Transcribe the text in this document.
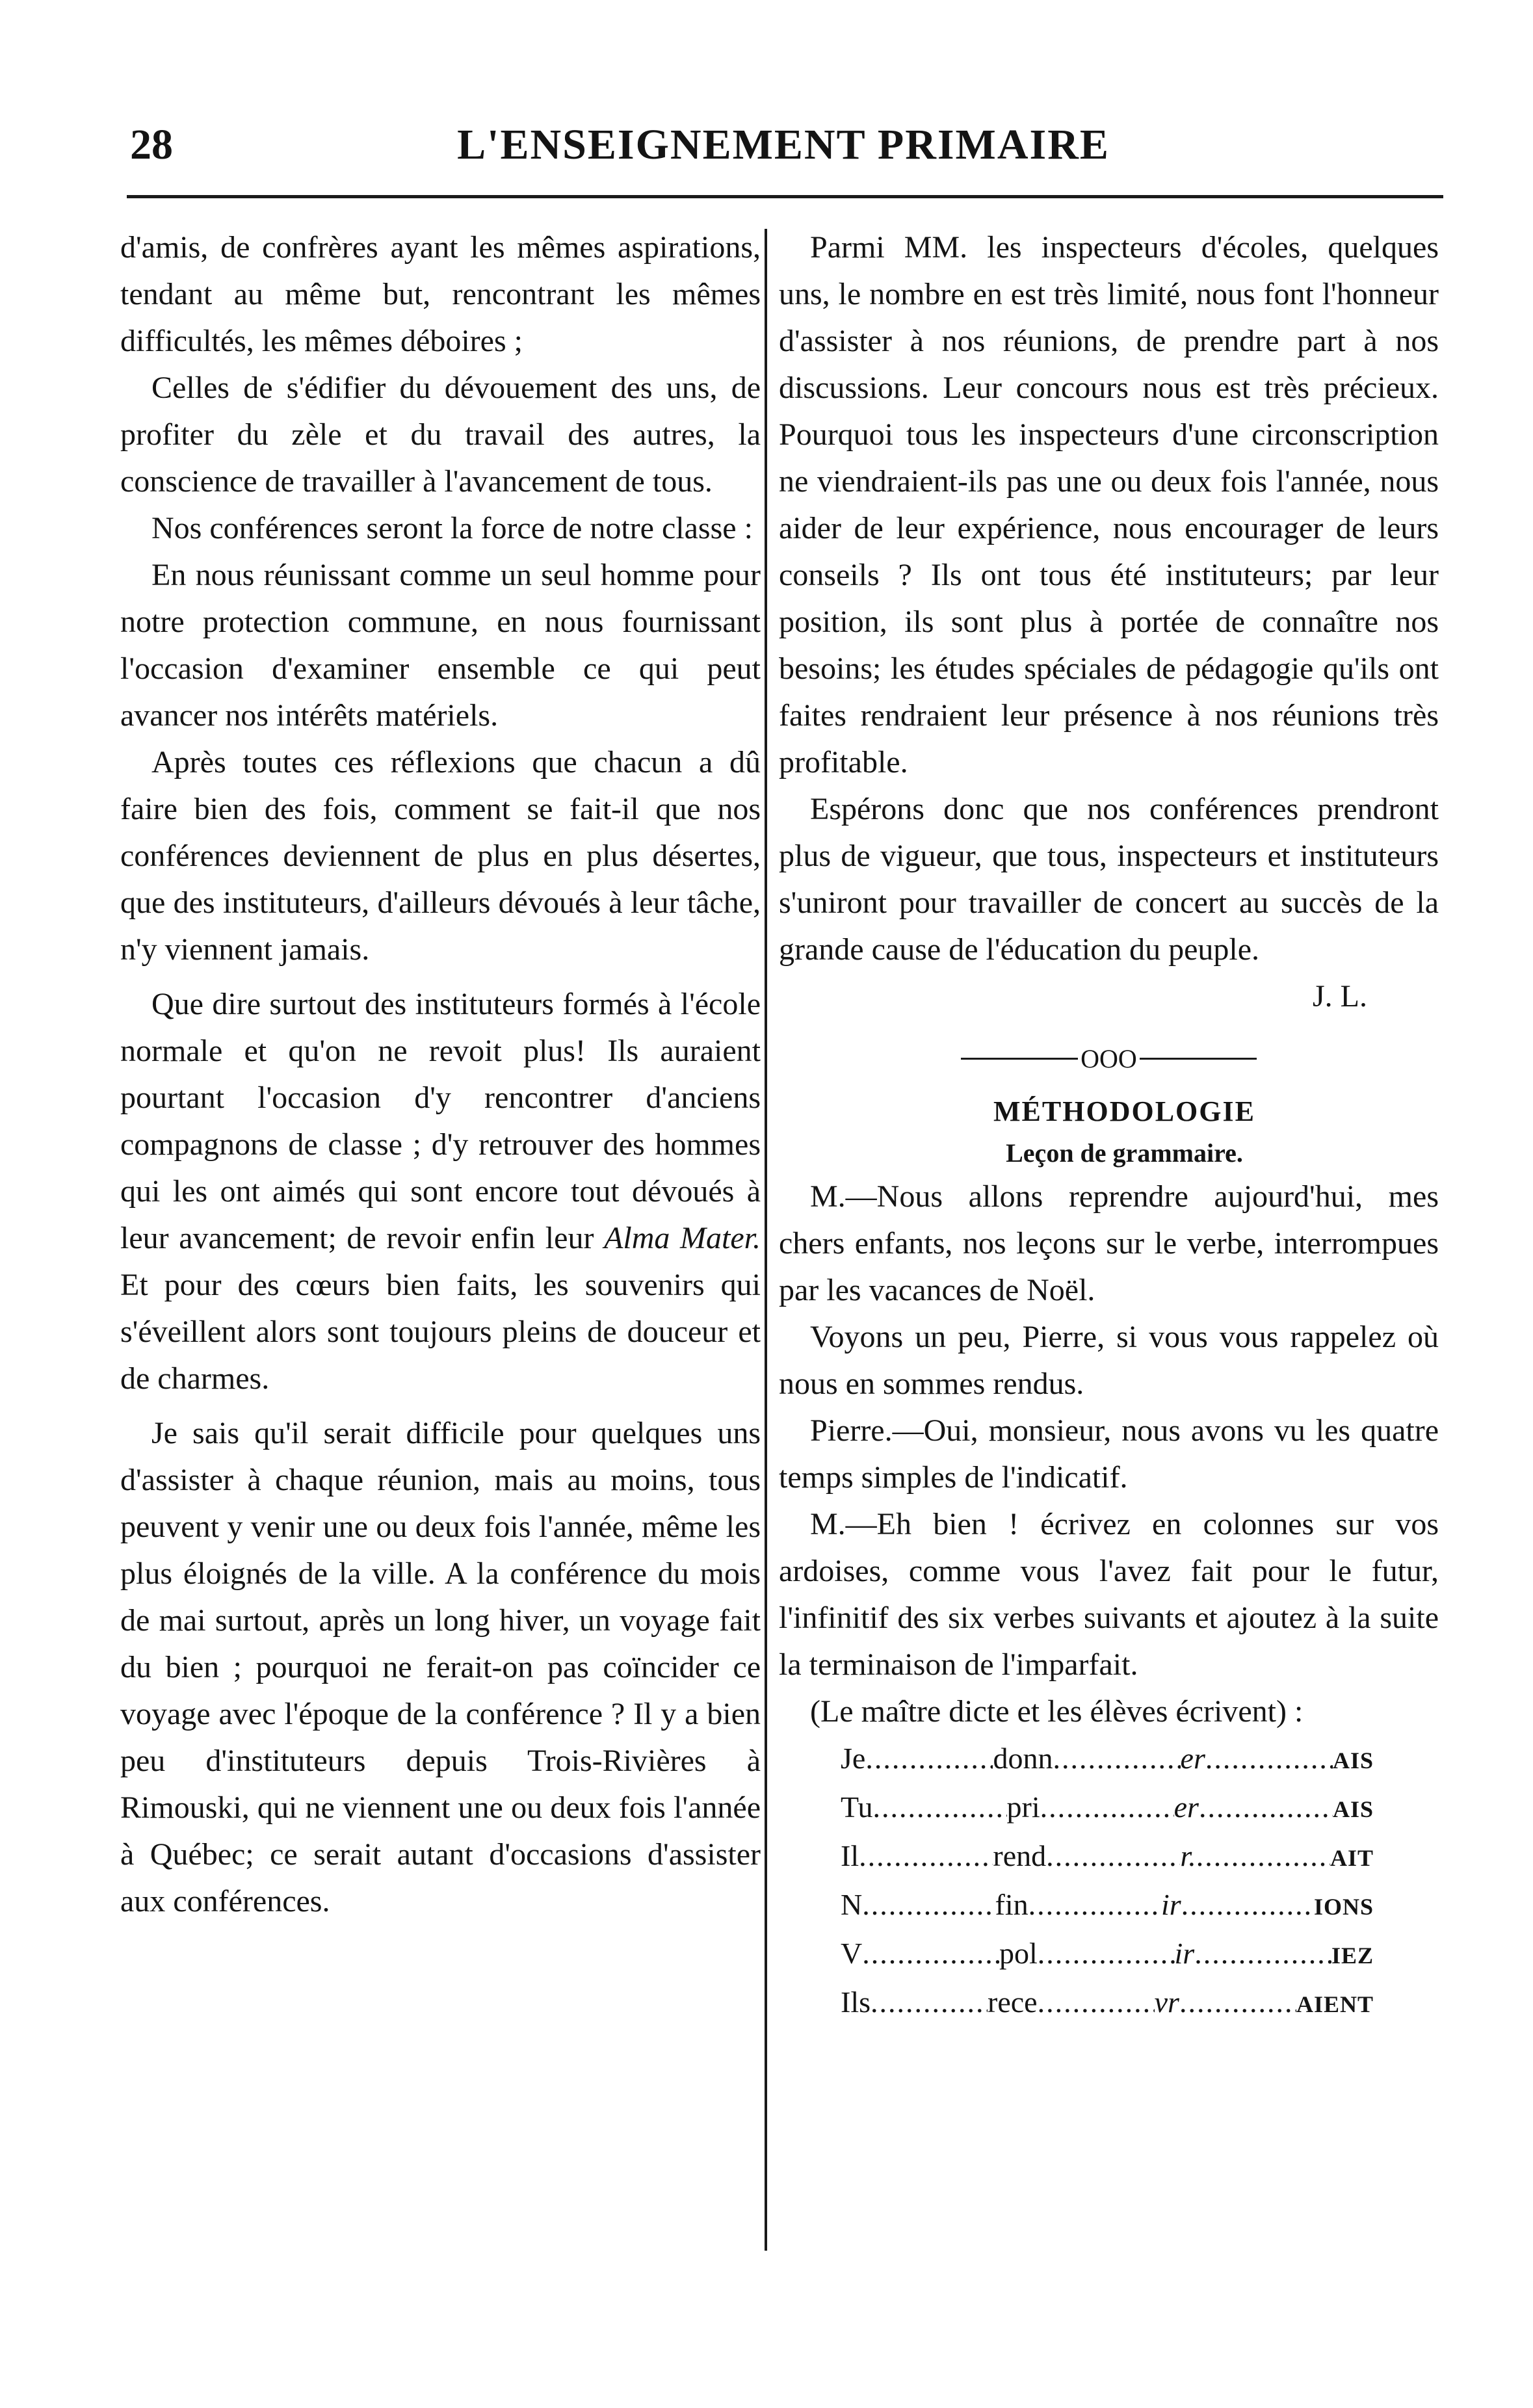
28	L'ENSEIGNEMENT PRIMAIRE

d'amis, de confrères ayant les mêmes aspirations, tendant au même but, rencontrant les mêmes difficultés, les mêmes déboires ;

Celles de s'édifier du dévouement des uns, de profiter du zèle et du travail des autres, la conscience de travailler à l'avancement de tous.

Nos conférences seront la force de notre classe :

En nous réunissant comme un seul homme pour notre protection commune, en nous fournissant l'occasion d'examiner ensemble ce qui peut avancer nos intérêts matériels.

Après toutes ces réflexions que chacun a dû faire bien des fois, comment se fait-il que nos conférences deviennent de plus en plus désertes, que des instituteurs, d'ailleurs dévoués à leur tâche, n'y viennent jamais.

Que dire surtout des instituteurs formés à l'école normale et qu'on ne revoit plus! Ils auraient pourtant l'occasion d'y rencontrer d'anciens compagnons de classe ; d'y retrouver des hommes qui les ont aimés qui sont encore tout dévoués à leur avancement; de revoir enfin leur Alma Mater. Et pour des cœurs bien faits, les souvenirs qui s'éveillent alors sont toujours pleins de douceur et de charmes.

Je sais qu'il serait difficile pour quelques uns d'assister à chaque réunion, mais au moins, tous peuvent y venir une ou deux fois l'année, même les plus éloignés de la ville. A la conférence du mois de mai surtout, après un long hiver, un voyage fait du bien ; pourquoi ne ferait-on pas coïncider ce voyage avec l'époque de la conférence ? Il y a bien peu d'instituteurs depuis Trois-Rivières à Rimouski, qui ne viennent une ou deux fois l'année à Québec; ce serait autant d'occasions d'assister aux conférences.

Parmi MM. les inspecteurs d'écoles, quelques uns, le nombre en est très limité, nous font l'honneur d'assister à nos réunions, de prendre part à nos discussions. Leur concours nous est très précieux. Pourquoi tous les inspecteurs d'une circonscription ne viendraient-ils pas une ou deux fois l'année, nous aider de leur expérience, nous encourager de leurs conseils ? Ils ont tous été instituteurs; par leur position, ils sont plus à portée de connaître nos besoins; les études spéciales de pédagogie qu'ils ont faites rendraient leur présence à nos réunions très profitable.

Espérons donc que nos conférences prendront plus de vigueur, que tous, inspecteurs et instituteurs s'uniront pour travailler de concert au succès de la grande cause de l'éducation du peuple.

J. L.

OOO

MÉTHODOLOGIE

Leçon de grammaire.

M.—Nous allons reprendre aujourd'hui, mes chers enfants, nos leçons sur le verbe, interrompues par les vacances de Noël.

Voyons un peu, Pierre, si vous vous rappelez où nous en sommes rendus.

Pierre.—Oui, monsieur, nous avons vu les quatre temps simples de l'indicatif.

M.—Eh bien ! écrivez en colonnes sur vos ardoises, comme vous l'avez fait pour le futur, l'infinitif des six verbes suivants et ajoutez à la suite la terminaison de l'imparfait.

(Le maître dicte et les élèves écrivent) :

Je .....	donn .....	er .....	AIS
Tu .....	pri .....	er .....	AIS
Il .....	rend .....	r. .....	AIT
N .....	fin .....	ir .....	IONS
V .....	pol .....	ir .....	IEZ
Ils .....	rece .....	vr .....	AIENT
